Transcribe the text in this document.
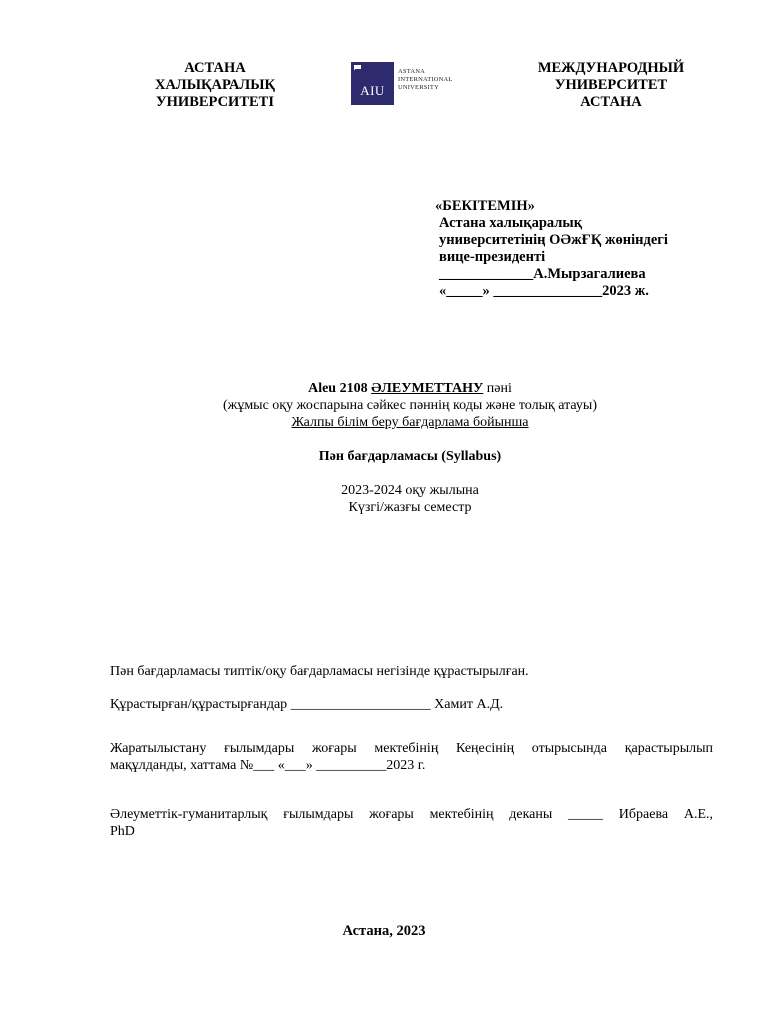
АСТАНА
ХАЛЫҚАРАЛЫҚ
УНИВЕРСИТЕТІ
AIU
ASTANA
INTERNATIONAL
UNIVERSITY
МЕЖДУНАРОДНЫЙ
УНИВЕРСИТЕТ
АСТАНА
«БЕКІТЕМІН»
Астана халықаралық
университетінің ОӘжҒҚ жөніндегі
вице-президенті
_____________А.Мырзагалиева
«_____» _______________2023 ж.
Aleu 2108 ӘЛЕУМЕТТАНУ пәні
(жұмыс оқу жоспарына сәйкес пәннің коды және толық атауы)
Жалпы білім беру бағдарлама бойынша
Пән бағдарламасы (Syllabus)
2023-2024 оқу жылына
Күзгі/жазғы семестр
Пән бағдарламасы типтік/оқу бағдарламасы негізінде құрастырылған.
Құрастырған/құрастырғандар ____________________ Хамит А.Д.
Жаратылыстану ғылымдары жоғары мектебінің Кеңесінің отырысында қарастырылып
мақұлданды, хаттама №___ «___» __________2023 г.
Әлеуметтік-гуманитарлық ғылымдары жоғары мектебінің деканы _____ Ибраева А.Е.,
PhD
Астана, 2023
